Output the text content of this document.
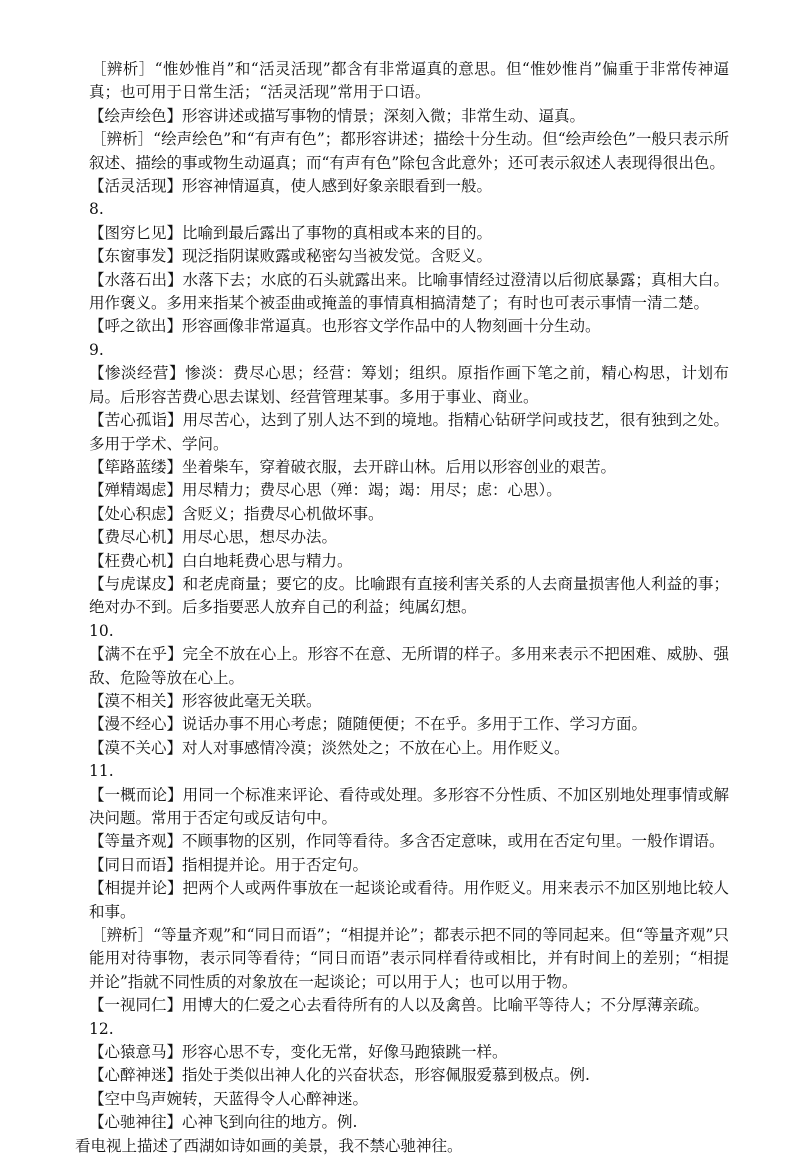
［辨析］“惟妙惟肖”和“活灵活现”都含有非常逼真的意思。但“惟妙惟肖”偏重于非常传神逼真；也可用于日常生活；“活灵活现”常用于口语。

【绘声绘色】形容讲述或描写事物的情景；深刻入微；非常生动、逼真。

［辨析］“绘声绘色”和“有声有色”；都形容讲述；描绘十分生动。但“绘声绘色”一般只表示所叙述、描绘的事或物生动逼真；而“有声有色”除包含此意外；还可表示叙述人表现得很出色。

【活灵活现】形容神情逼真，使人感到好象亲眼看到一般。

8.

【图穷匕见】比喻到最后露出了事物的真相或本来的目的。

【东窗事发】现泛指阴谋败露或秘密勾当被发觉。含贬义。

【水落石出】水落下去；水底的石头就露出来。比喻事情经过澄清以后彻底暴露；真相大白。用作褒义。多用来指某个被歪曲或掩盖的事情真相搞清楚了；有时也可表示事情一清二楚。

【呼之欲出】形容画像非常逼真。也形容文学作品中的人物刻画十分生动。

9.

【惨淡经营】惨淡：费尽心思；经营：筹划；组织。原指作画下笔之前，精心构思，计划布局。后形容苦费心思去谋划、经营管理某事。多用于事业、商业。

【苦心孤诣】用尽苦心，达到了别人达不到的境地。指精心钻研学问或技艺，很有独到之处。多用于学术、学问。

【筚路蓝缕】坐着柴车，穿着破衣服，去开辟山林。后用以形容创业的艰苦。

【殚精竭虑】用尽精力；费尽心思（殚：竭；竭：用尽；虑：心思）。

【处心积虑】含贬义；指费尽心机做坏事。

【费尽心机】用尽心思，想尽办法。

【枉费心机】白白地耗费心思与精力。

【与虎谋皮】和老虎商量；要它的皮。比喻跟有直接利害关系的人去商量损害他人利益的事；绝对办不到。后多指要恶人放弃自己的利益；纯属幻想。

10.

【满不在乎】完全不放在心上。形容不在意、无所谓的样子。多用来表示不把困难、威胁、强敌、危险等放在心上。

【漠不相关】形容彼此毫无关联。

【漫不经心】说话办事不用心考虑；随随便便；不在乎。多用于工作、学习方面。

【漠不关心】对人对事感情冷漠；淡然处之；不放在心上。用作贬义。

11.

【一概而论】用同一个标准来评论、看待或处理。多形容不分性质、不加区别地处理事情或解决问题。常用于否定句或反诘句中。

【等量齐观】不顾事物的区别，作同等看待。多含否定意味，或用在否定句里。一般作谓语。

【同日而语】指相提并论。用于否定句。

【相提并论】把两个人或两件事放在一起谈论或看待。用作贬义。用来表示不加区别地比较人和事。

［辨析］“等量齐观”和“同日而语”；“相提并论”；都表示把不同的等同起来。但“等量齐观”只能用对待事物，表示同等看待；“同日而语”表示同样看待或相比，并有时间上的差别；“相提并论”指就不同性质的对象放在一起谈论；可以用于人；也可以用于物。

【一视同仁】用博大的仁爱之心去看待所有的人以及禽兽。比喻平等待人；不分厚薄亲疏。

12.

【心猿意马】形容心思不专，变化无常，好像马跑猿跳一样。

【心醉神迷】指处于类似出神人化的兴奋状态，形容佩服爱慕到极点。例.

【空中鸟声婉转，天蓝得令人心醉神迷。

【心驰神往】心神飞到向往的地方。例.

看电视上描述了西湖如诗如画的美景，我不禁心驰神往。
